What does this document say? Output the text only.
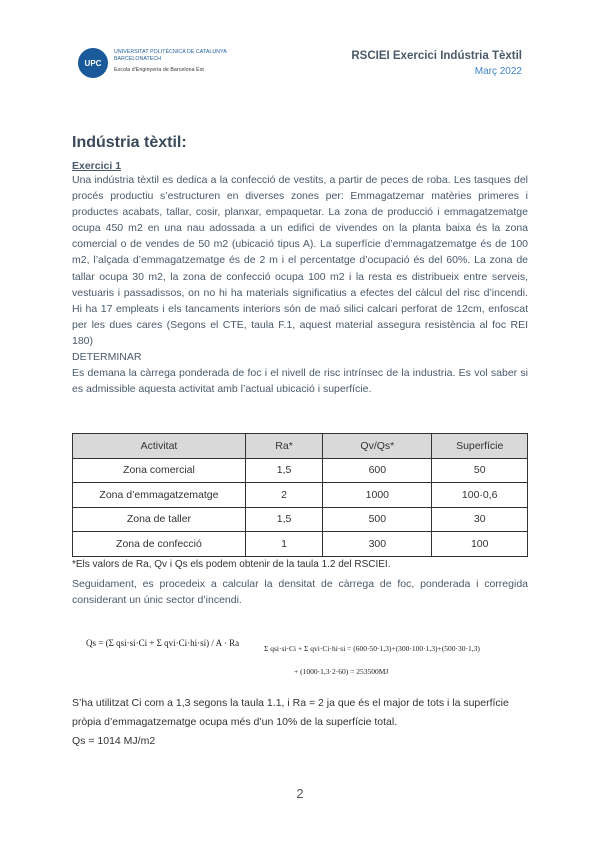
UPC
UNIVERSITAT POLITÈCNICA DE CATALUNYA
BARCELONATECH
Escola d'Enginyeria de Barcelona Est
RSCIEI Exercici Indústria Tèxtil
Març 2022
Indústria tèxtil:
Exercici 1

Una indústria tèxtil es dedica a la confecció de vestits, a partir de peces de roba. Les tasques del procés productiu s’estructuren en diverses zones per: Emmagatzemar matèries primeres i productes acabats, tallar, cosir, planxar, empaquetar. La zona de producció i emmagatzematge ocupa 450 m2 en una nau adossada a un edifici de vivendes on la planta baixa és la zona comercial o de vendes de 50 m2 (ubicació tipus A). La superfície d’emmagatzematge és de 100 m2, l’alçada d’emmagatzematge és de 2 m i el percentatge d’ocupació és del 60%. La zona de tallar ocupa 30 m2, la zona de confecció ocupa 100 m2 i la resta es distribueix entre serveis, vestuaris i passadissos, on no hi ha materials significatius a efectes del càlcul del risc d’incendi. Hi ha 17 empleats i els tancaments interiors són de maó silici calcari perforat de 12cm, enfoscat per les dues cares (Segons el CTE, taula F.1, aquest material assegura resistència al foc REI 180)

DETERMINAR

Es demana la càrrega ponderada de foc i el nivell de risc intrínsec de la industria. Es vol saber si es admissible aquesta activitat amb l’actual ubicació i superfície.

Activitat	Ra*	Qv/Qs*	Superfície
Zona comercial	1,5	600	50
Zona d’emmagatzematge	2	1000	100·0,6
Zona de taller	1,5	500	30
Zona de confecció	1	300	100

*Els valors de Ra, Qv i Qs els podem obtenir de la taula 1.2 del RSCIEI.

Seguidament, es procedeix a calcular la densitat de càrrega de foc, ponderada i corregida considerant un únic sector d’incendi.

Qs = (Σ qsi·si·Ci + Σ qvi·Ci·hi·si) / A · Ra
Σ qsi·si·Ci + Σ qvi·Ci·hi·si = (600·50·1,3)+(300·100·1,3)+(500·30·1,3)
+ (1000·1,3·2·60) = 253500MJ

S’ha utilitzat Ci com a 1,3 segons la taula 1.1, i Ra = 2 ja que és el major de tots i la superfície pròpia d’emmagatzematge ocupa més d’un 10% de la superfície total.

Qs = 1014 MJ/m2

2
